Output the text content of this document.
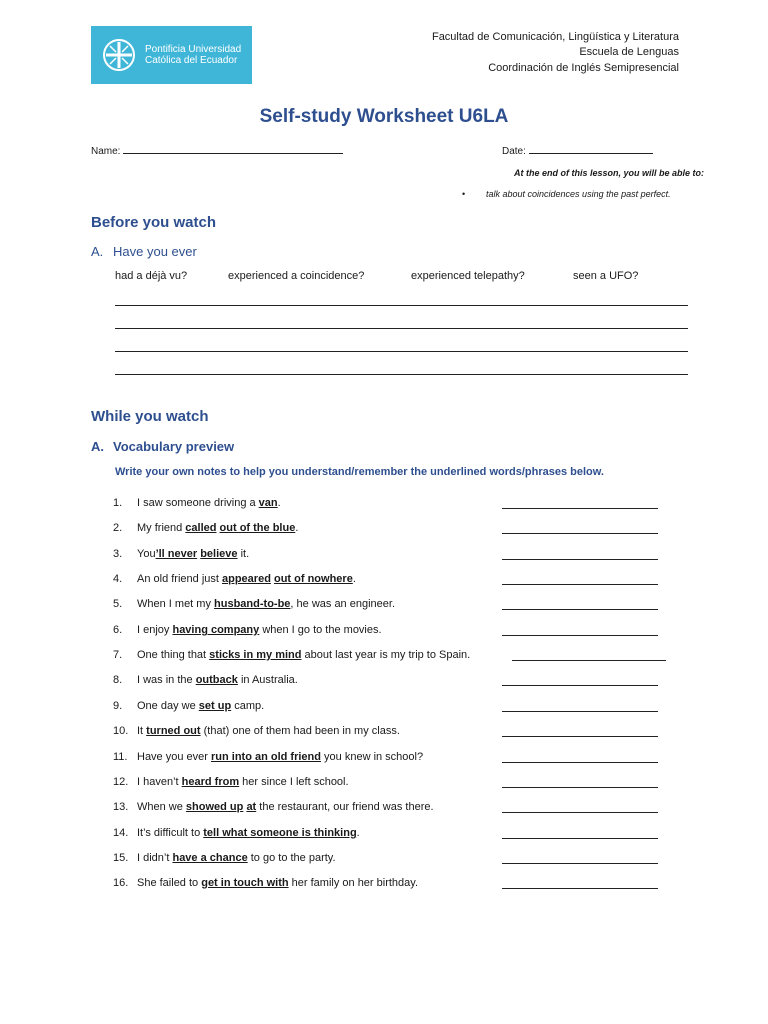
Pontificia Universidad
Católica del Ecuador
Facultad de Comunicación, Lingüística y Literatura
Escuela de Lenguas
Coordinación de Inglés Semipresencial
Self-study Worksheet U6LA
Name:	Date:
At the end of this lesson, you will be able to:
• talk about coincidences using the past perfect.
Before you watch
A. Have you ever
had a déjà vu?	experienced a coincidence?	experienced telepathy?	seen a UFO?
While you watch
A. Vocabulary preview
Write your own notes to help you understand/remember the underlined words/phrases below.
1. I saw someone driving a van.
2. My friend called out of the blue.
3. You’ll never believe it.
4. An old friend just appeared out of nowhere.
5. When I met my husband-to-be, he was an engineer.
6. I enjoy having company when I go to the movies.
7. One thing that sticks in my mind about last year is my trip to Spain.
8. I was in the outback in Australia.
9. One day we set up camp.
10. It turned out (that) one of them had been in my class.
11. Have you ever run into an old friend you knew in school?
12. I haven’t heard from her since I left school.
13. When we showed up at the restaurant, our friend was there.
14. It’s difficult to tell what someone is thinking.
15. I didn’t have a chance to go to the party.
16. She failed to get in touch with her family on her birthday.
